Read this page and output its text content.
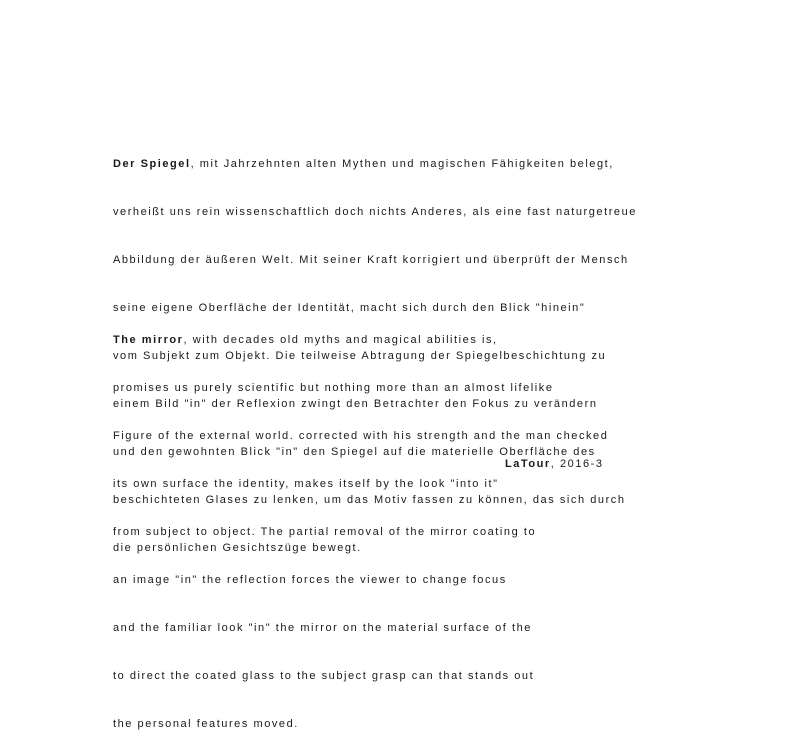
Der Spiegel, mit Jahrzehnten alten Mythen und magischen Fähigkeiten belegt,

verheißt uns rein wissenschaftlich doch nichts Anderes, als eine fast naturgetreue

Abbildung der äußeren Welt. Mit seiner Kraft korrigiert und überprüft der Mensch

seine eigene Oberfläche der Identität, macht sich durch den Blick "hinein"

vom Subjekt zum Objekt. Die teilweise Abtragung der Spiegelbeschichtung zu

einem Bild "in" der Reflexion zwingt den Betrachter den Fokus zu verändern

und den gewohnten Blick "in" den Spiegel auf die materielle Oberfläche des

beschichteten Glases zu lenken, um das Motiv fassen zu können, das sich durch

die persönlichen Gesichtszüge bewegt.

The mirror, with decades old myths and magical abilities is,

promises us purely scientific but nothing more than an almost lifelike

Figure of the external world. corrected with his strength and the man checked

its own surface the identity, makes itself by the look "into it"

from subject to object. The partial removal of the mirror coating to

an image "in" the reflection forces the viewer to change focus

and the familiar look "in" the mirror on the material surface of the

to direct the coated glass to the subject grasp can that stands out

the personal features moved.

LaTour, 2016-3
